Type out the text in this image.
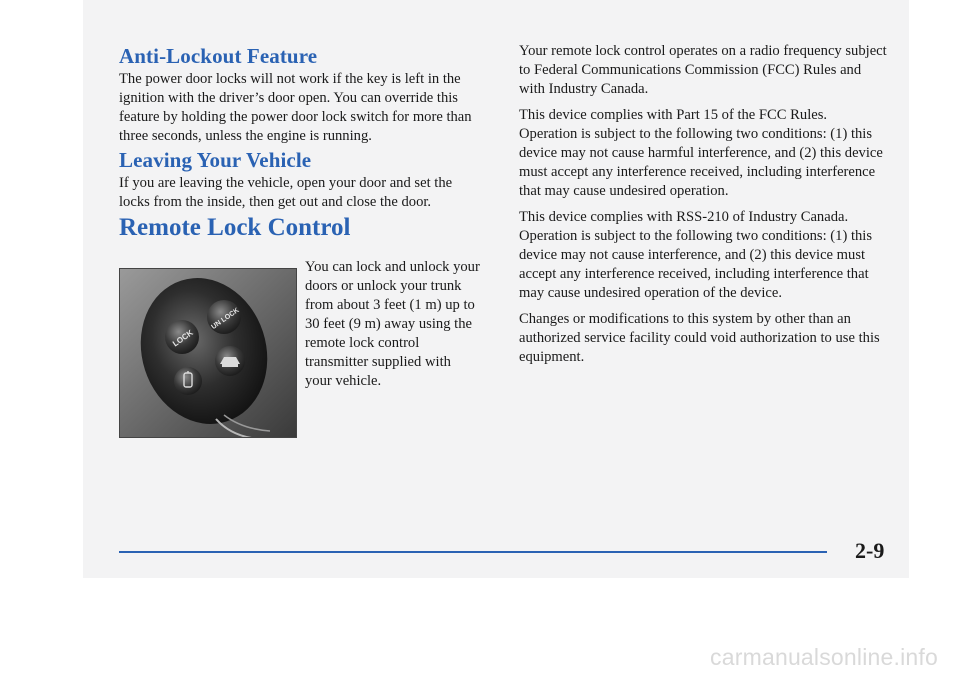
Anti-Lockout Feature

The power door locks will not work if the key is left in the ignition with the driver’s door open. You can override this feature by holding the power door lock switch for more than three seconds, unless the engine is running.

Leaving Your Vehicle

If you are leaving the vehicle, open your door and set the locks from the inside, then get out and close the door.

Remote Lock Control
LOCK
UN LOCK

You can lock and unlock your doors or unlock your trunk from about 3 feet (1 m) up to 30 feet (9 m) away using the remote lock control transmitter supplied with your vehicle.

Your remote lock control operates on a radio frequency subject to Federal Communications Commission (FCC) Rules and with Industry Canada.

This device complies with Part 15 of the FCC Rules. Operation is subject to the following two conditions: (1) this device may not cause harmful interference, and (2) this device must accept any interference received, including interference that may cause undesired operation.

This device complies with RSS-210 of Industry Canada. Operation is subject to the following two conditions: (1) this device may not cause interference, and (2) this device must accept any interference received, including interference that may cause undesired operation of the device.

Changes or modifications to this system by other than an authorized service facility could void authorization to use this equipment.

2-9
carmanualsonline.info
